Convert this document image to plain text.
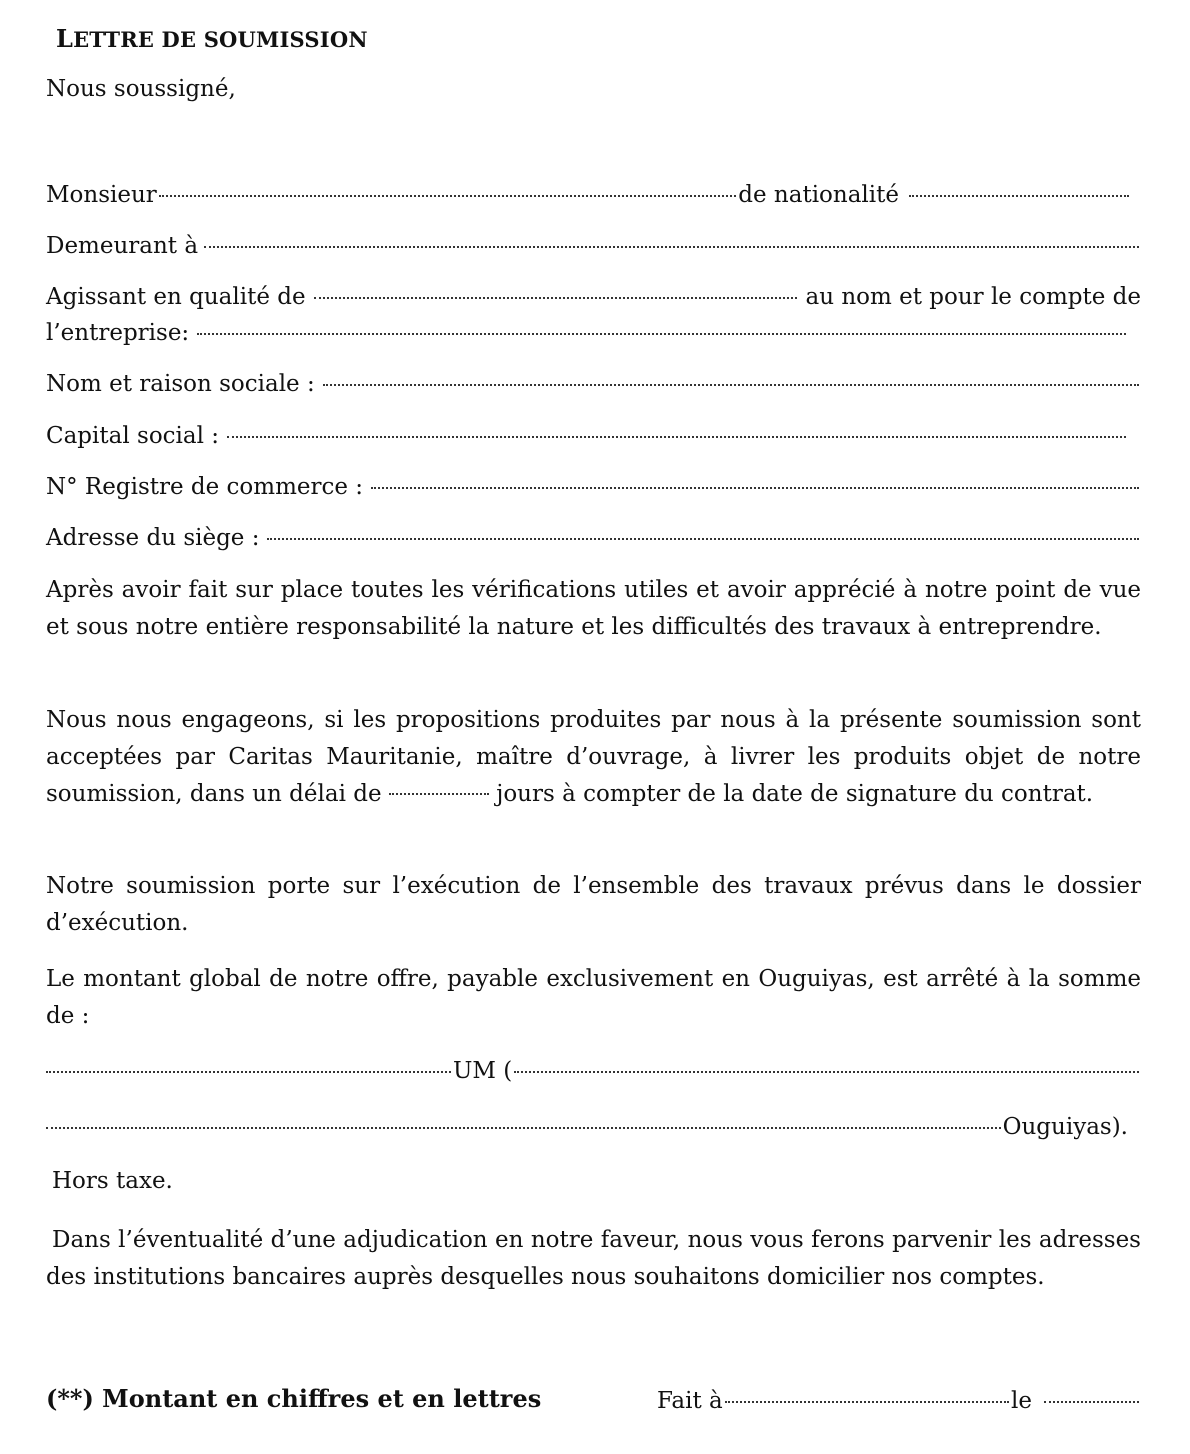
LETTRE DE SOUMISSION
Nous soussigné,
Monsieur	de nationalité
Demeurant à
Agissant en qualité de	au nom et pour le compte de
l’entreprise:
Nom et raison sociale :
Capital social :
N° Registre de commerce :
Adresse du siège :
Après avoir fait sur place toutes les vérifications utiles et avoir apprécié à notre point de vue et sous notre entière responsabilité la nature et les difficultés des travaux à entreprendre.
Nous nous engageons, si les propositions produites par nous à la présente soumission sont acceptées par Caritas Mauritanie, maître d’ouvrage, à livrer les produits objet de notre soumission, dans un délai de	jours à compter de la date de signature du contrat.
Notre soumission porte sur l’exécution de l’ensemble des travaux prévus dans le dossier d’exécution.
Le montant global de notre offre, payable exclusivement en Ouguiyas, est arrêté à la somme de :
UM (
Ouguiyas).
Hors taxe.
Dans l’éventualité d’une adjudication en notre faveur, nous vous ferons parvenir les adresses des institutions bancaires auprès desquelles nous souhaitons domicilier nos comptes.
(**) Montant en chiffres et en lettres	Fait à	le
